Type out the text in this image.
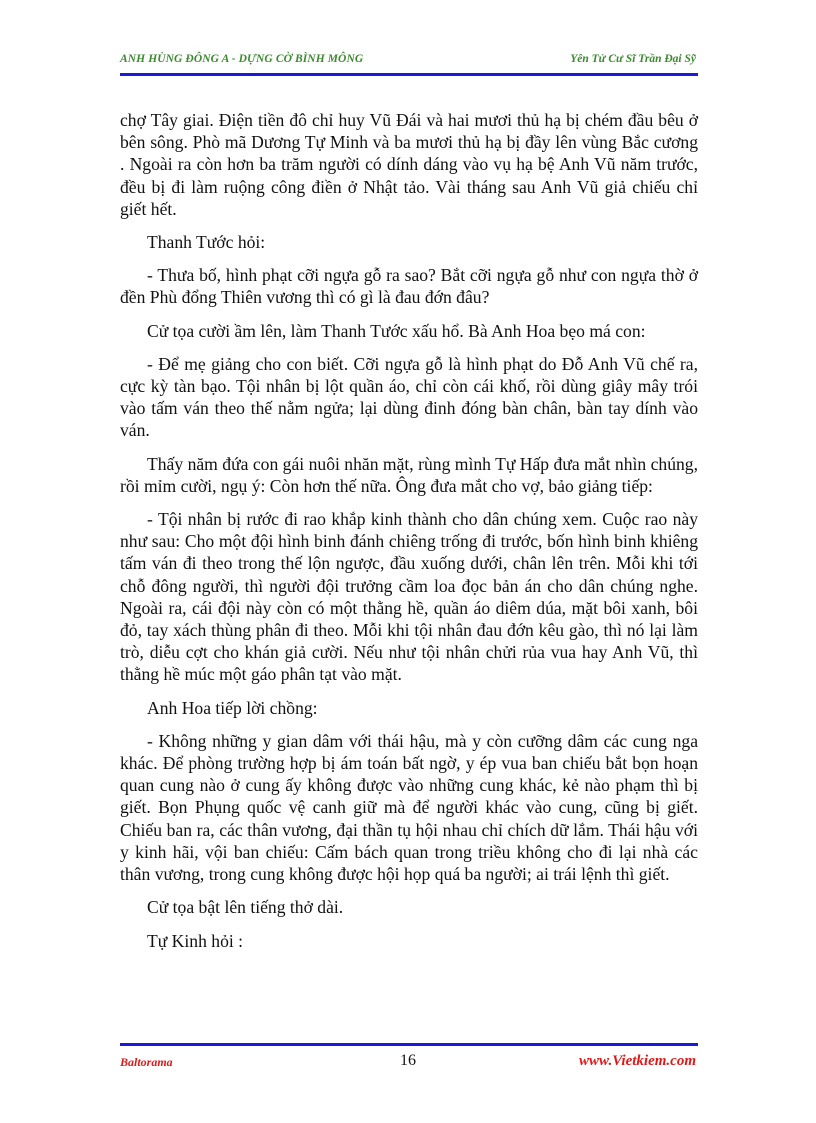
ANH HÙNG ĐÔNG A - DỰNG CỜ BÌNH MÔNG	Yên Tử Cư Sĩ Trần Đại Sỹ

chợ Tây giai. Điện tiền đô chỉ huy Vũ Đái và hai mươi thủ hạ bị chém đầu bêu ở bên sông. Phò mã Dương Tự Minh và ba mươi thủ hạ bị đầy lên vùng Bắc cương . Ngoài ra còn hơn ba trăm người có dính dáng vào vụ hạ bệ Anh Vũ năm trước, đều bị đi làm ruộng công điền ở Nhật tảo. Vài tháng sau Anh Vũ giả chiếu chỉ giết hết.

Thanh Tước hỏi:

- Thưa bố, hình phạt cỡi ngựa gỗ ra sao? Bắt cỡi ngựa gỗ như con ngựa thờ ở đền Phù đổng Thiên vương thì có gì là đau đớn đâu?

Cử tọa cười ầm lên, làm Thanh Tước xấu hổ. Bà Anh Hoa bẹo má con:

- Để mẹ giảng cho con biết. Cỡi ngựa gỗ là hình phạt do Đỗ Anh Vũ chế ra, cực kỳ tàn bạo. Tội nhân bị lột quần áo, chỉ còn cái khố, rồi dùng giây mây trói vào tấm ván theo thế nằm ngửa; lại dùng đinh đóng bàn chân, bàn tay dính vào ván.

Thấy năm đứa con gái nuôi nhăn mặt, rùng mình Tự Hấp đưa mắt nhìn chúng, rồi mỉm cười, ngụ ý: Còn hơn thế nữa. Ông đưa mắt cho vợ, bảo giảng tiếp:

- Tội nhân bị rước đi rao khắp kinh thành cho dân chúng xem. Cuộc rao này như sau: Cho một đội hình binh đánh chiêng trống đi trước, bốn hình binh khiêng tấm ván đi theo trong thế lộn ngược, đầu xuống dưới, chân lên trên. Mỗi khi tới chỗ đông người, thì người đội trưởng cầm loa đọc bản án cho dân chúng nghe. Ngoài ra, cái đội này còn có một thằng hề, quần áo diêm dúa, mặt bôi xanh, bôi đỏ, tay xách thùng phân đi theo. Mỗi khi tội nhân đau đớn kêu gào, thì nó lại làm trò, diễu cợt cho khán giả cười. Nếu như tội nhân chửi rủa vua hay Anh Vũ, thì thằng hề múc một gáo phân tạt vào mặt.

Anh Hoa tiếp lời chồng:

- Không những y gian dâm với thái hậu, mà y còn cưỡng dâm các cung nga khác. Để phòng trường hợp bị ám toán bất ngờ, y ép vua ban chiếu bắt bọn hoạn quan cung nào ở cung ấy không được vào những cung khác, kẻ nào phạm thì bị giết. Bọn Phụng quốc vệ canh giữ mà để người khác vào cung, cũng bị giết. Chiếu ban ra, các thân vương, đại thần tụ hội nhau chỉ chích dữ lắm. Thái hậu với y kinh hãi, vội ban chiếu: Cấm bách quan trong triều không cho đi lại nhà các thân vương, trong cung không được hội họp quá ba người; ai trái lệnh thì giết.

Cử tọa bật lên tiếng thở dài.

Tự Kinh hỏi :

Baltorama	16	www.Vietkiem.com
